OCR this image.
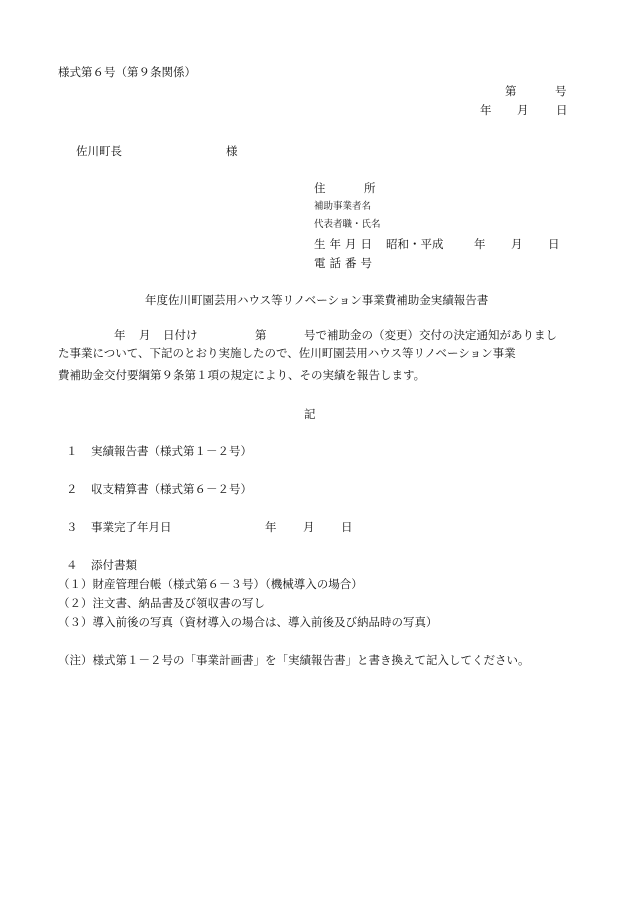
様式第６号（第９条関係）
第	号
年 月 日
佐川町長	様
住	所
補助事業者名
代表者職・氏名
生年月日 昭和・平成	年 月 日
電話番号
年度佐川町園芸用ハウス等リノベーション事業費補助金実績報告書
年 月 日付け	第	号で補助金の（変更）交付の決定通知がありまし
た事業について、下記のとおり実施したので、佐川町園芸用ハウス等リノベーション事業
費補助金交付要綱第９条第１項の規定により、その実績を報告します。
記
１ 実績報告書（様式第１－２号）
２ 収支精算書（様式第６－２号）
３ 事業完了年月日	年 月 日
４ 添付書類
（１）財産管理台帳（様式第６－３号）（機械導入の場合）
（２）注文書、納品書及び領収書の写し
（３）導入前後の写真（資材導入の場合は、導入前後及び納品時の写真）
（注）様式第１－２号の「事業計画書」を「実績報告書」と書き換えて記入してください。
